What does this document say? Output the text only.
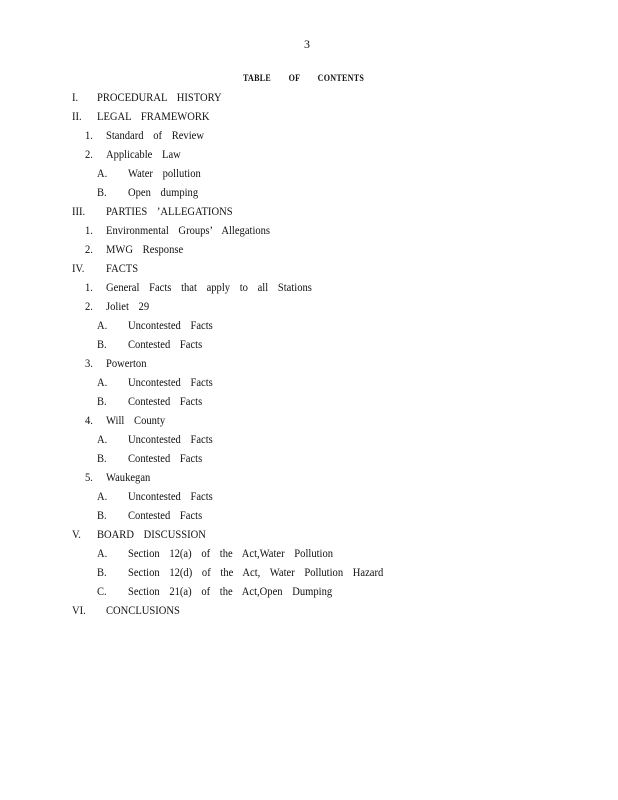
3
TABLE OF CONTENTS
I. PROCEDURAL HISTORY
II. LEGAL FRAMEWORK
1. Standard of Review
2. Applicable Law
A. Water pollution
B. Open dumping
III. PARTIES ’ALLEGATIONS
1. Environmental Groups’ Allegations
2. MWG Response
IV. FACTS
1. General Facts that apply to all Stations
2. Joliet 29
A. Uncontested Facts
B. Contested Facts
3. Powerton
A. Uncontested Facts
B. Contested Facts
4. Will County
A. Uncontested Facts
B. Contested Facts
5. Waukegan
A. Uncontested Facts
B. Contested Facts
V. BOARD DISCUSSION
A. Section 12(a) of the Act,Water Pollution
B. Section 12(d) of the Act, Water Pollution Hazard
C. Section 21(a) of the Act,Open Dumping
VI. CONCLUSIONS
